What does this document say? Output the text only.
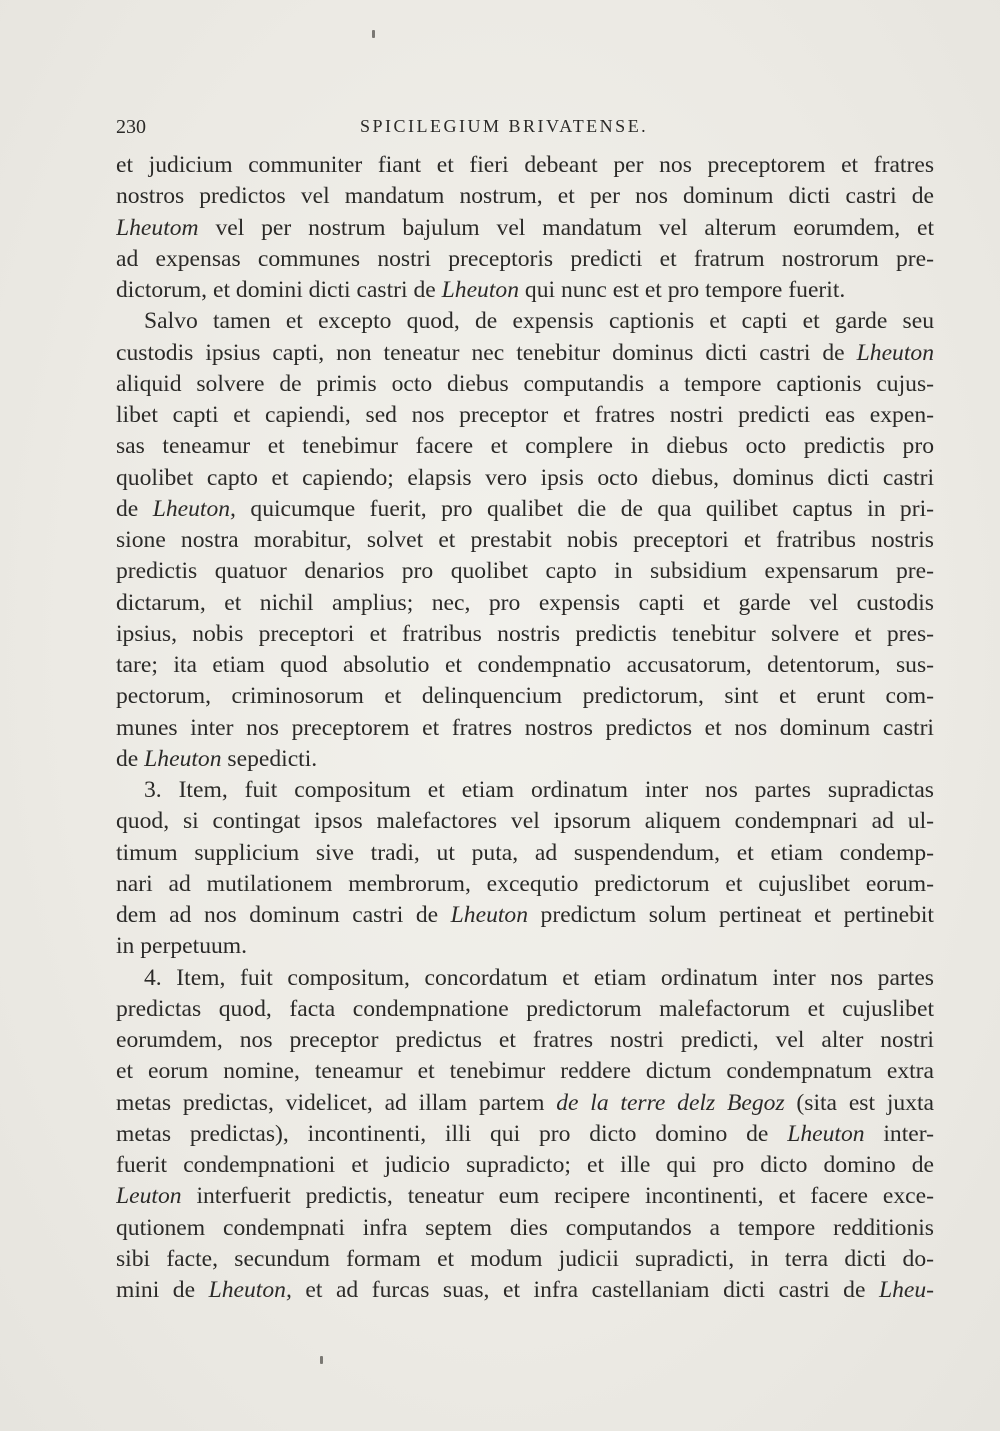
230	SPICILEGIUM BRIVATENSE.
et judicium communiter fiant et fieri debeant per nos preceptorem et fratres
nostros predictos vel mandatum nostrum, et per nos dominum dicti castri de
Lheutom vel per nostrum bajulum vel mandatum vel alterum eorumdem, et
ad expensas communes nostri preceptoris predicti et fratrum nostrorum pre-
dictorum, et domini dicti castri de Lheuton qui nunc est et pro tempore fuerit.
Salvo tamen et excepto quod, de expensis captionis et capti et garde seu
custodis ipsius capti, non teneatur nec tenebitur dominus dicti castri de Lheuton
aliquid solvere de primis octo diebus computandis a tempore captionis cujus-
libet capti et capiendi, sed nos preceptor et fratres nostri predicti eas expen-
sas teneamur et tenebimur facere et complere in diebus octo predictis pro
quolibet capto et capiendo; elapsis vero ipsis octo diebus, dominus dicti castri
de Lheuton, quicumque fuerit, pro qualibet die de qua quilibet captus in pri-
sione nostra morabitur, solvet et prestabit nobis preceptori et fratribus nostris
predictis quatuor denarios pro quolibet capto in subsidium expensarum pre-
dictarum, et nichil amplius; nec, pro expensis capti et garde vel custodis
ipsius, nobis preceptori et fratribus nostris predictis tenebitur solvere et pres-
tare; ita etiam quod absolutio et condempnatio accusatorum, detentorum, sus-
pectorum, criminosorum et delinquencium predictorum, sint et erunt com-
munes inter nos preceptorem et fratres nostros predictos et nos dominum castri
de Lheuton sepedicti.
3. Item, fuit compositum et etiam ordinatum inter nos partes supradictas
quod, si contingat ipsos malefactores vel ipsorum aliquem condempnari ad ul-
timum supplicium sive tradi, ut puta, ad suspendendum, et etiam condemp-
nari ad mutilationem membrorum, excequtio predictorum et cujuslibet eorum-
dem ad nos dominum castri de Lheuton predictum solum pertineat et pertinebit
in perpetuum.
4. Item, fuit compositum, concordatum et etiam ordinatum inter nos partes
predictas quod, facta condempnatione predictorum malefactorum et cujuslibet
eorumdem, nos preceptor predictus et fratres nostri predicti, vel alter nostri
et eorum nomine, teneamur et tenebimur reddere dictum condempnatum extra
metas predictas, videlicet, ad illam partem de la terre delz Begoz (sita est juxta
metas predictas), incontinenti, illi qui pro dicto domino de Lheuton inter-
fuerit condempnationi et judicio supradicto; et ille qui pro dicto domino de
Leuton interfuerit predictis, teneatur eum recipere incontinenti, et facere exce-
qutionem condempnati infra septem dies computandos a tempore redditionis
sibi facte, secundum formam et modum judicii supradicti, in terra dicti do-
mini de Lheuton, et ad furcas suas, et infra castellaniam dicti castri de Lheu-
